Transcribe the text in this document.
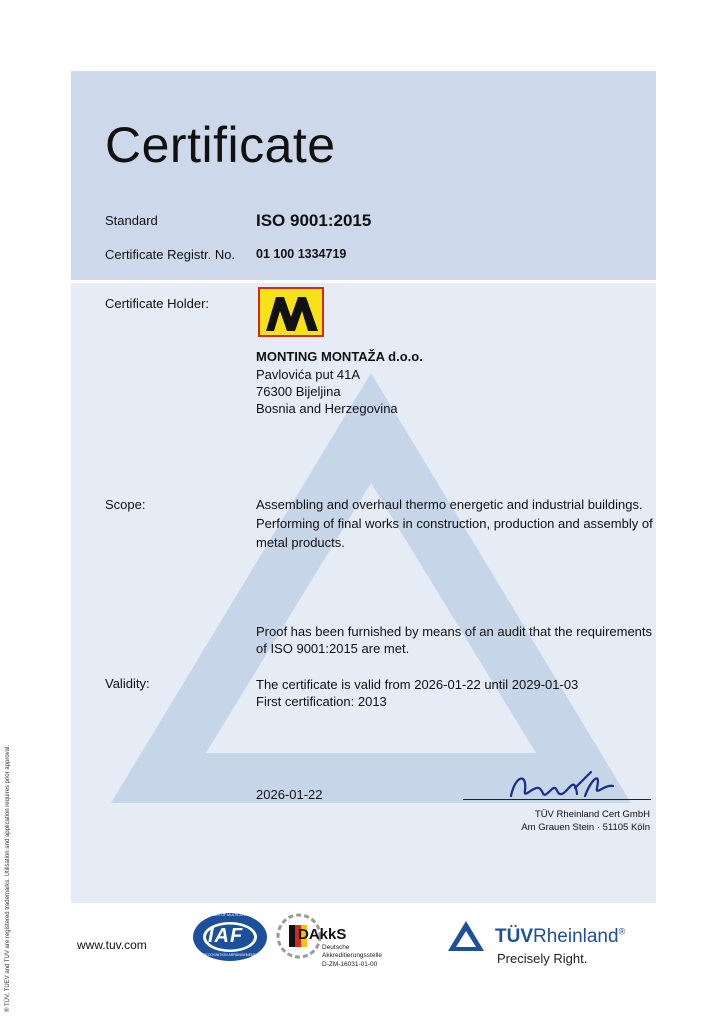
Certificate
Standard	ISO 9001:2015
Certificate Registr. No. 01 100 1334719
Certificate Holder:
MONTING MONTAŽA d.o.o.
Pavlovića put 41A
76300 Bijeljina
Bosnia and Herzegovina
Scope:	Assembling and overhaul thermo energetic and industrial buildings. Performing of final works in construction, production and assembly of metal products.
Proof has been furnished by means of an audit that the requirements of ISO 9001:2015 are met.
Validity:	The certificate is valid from 2026-01-22 until 2029-01-03
First certification: 2013
2026-01-22
TÜV Rheinland Cert GmbH
Am Grauen Stein · 51105 Köln
® TÜV, TUEV and TUV are registered trademarks. Utilisation and application requires prior approval.	www.tuv.com	IAF
MEMBER OF MULTILATERAL
RECOGNITION ARRANGEMENT
DAkkS
Deutsche
Akkreditierungsstelle
D-ZM-16031-01-00
TÜVRheinland®
Precisely Right.
